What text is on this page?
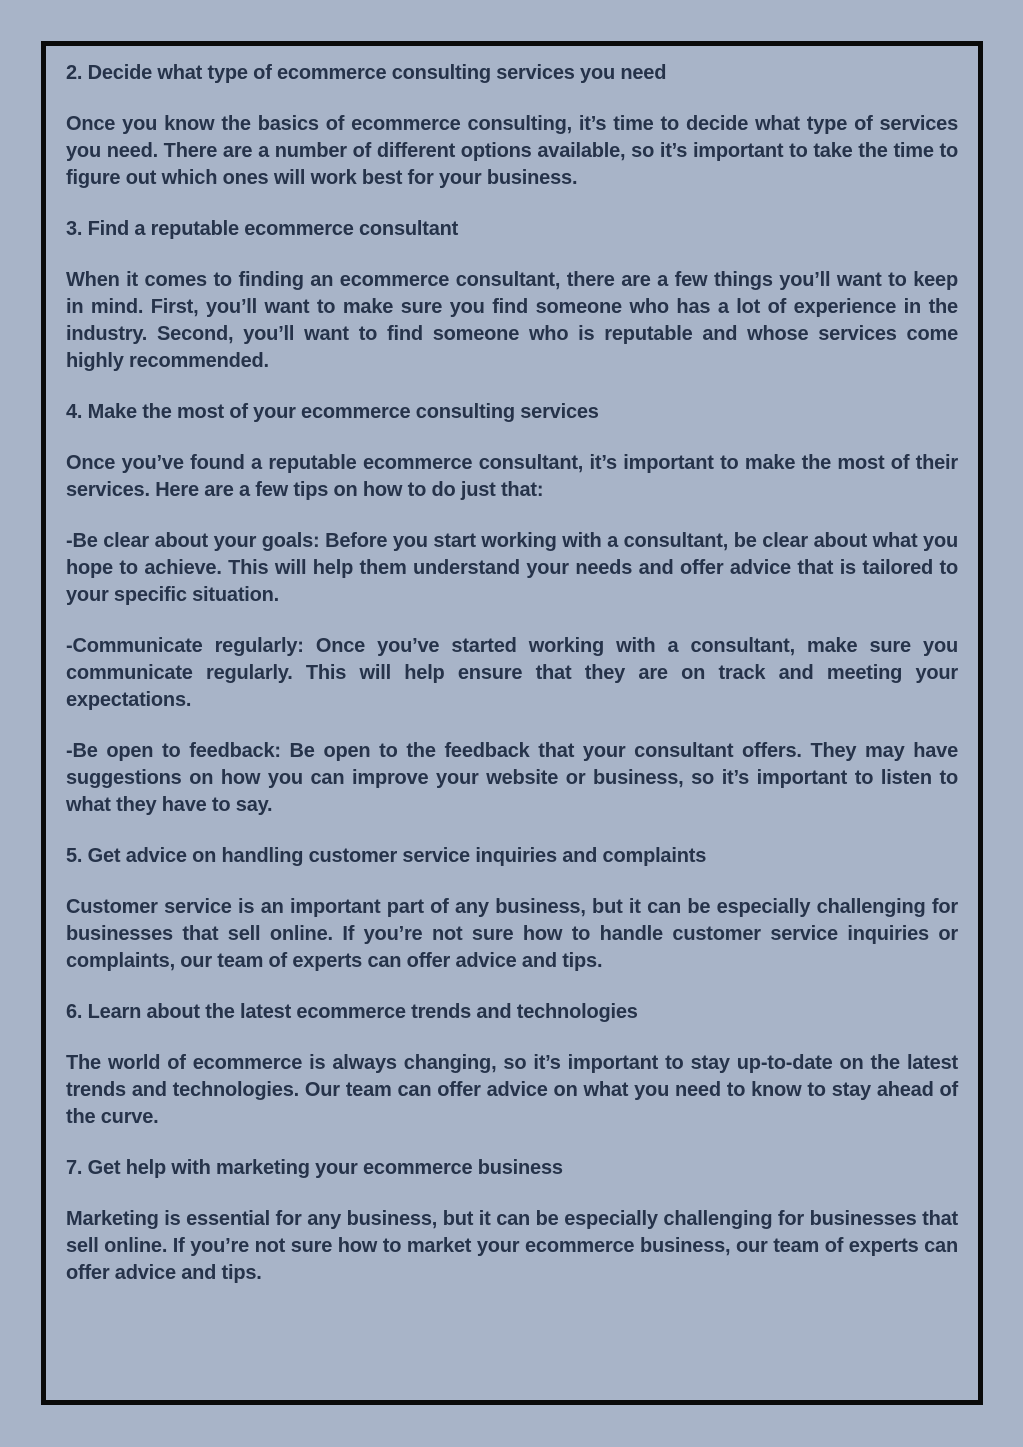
2. Decide what type of ecommerce consulting services you need
Once you know the basics of ecommerce consulting, it’s time to decide what type of services you need. There are a number of different options available, so it’s important to take the time to figure out which ones will work best for your business.
3. Find a reputable ecommerce consultant
When it comes to finding an ecommerce consultant, there are a few things you’ll want to keep in mind. First, you’ll want to make sure you find someone who has a lot of experience in the industry. Second, you’ll want to find someone who is reputable and whose services come highly recommended.
4. Make the most of your ecommerce consulting services
Once you’ve found a reputable ecommerce consultant, it’s important to make the most of their services. Here are a few tips on how to do just that:
-Be clear about your goals: Before you start working with a consultant, be clear about what you hope to achieve. This will help them understand your needs and offer advice that is tailored to your specific situation.
-Communicate regularly: Once you’ve started working with a consultant, make sure you communicate regularly. This will help ensure that they are on track and meeting your expectations.
-Be open to feedback: Be open to the feedback that your consultant offers. They may have suggestions on how you can improve your website or business, so it’s important to listen to what they have to say.
5. Get advice on handling customer service inquiries and complaints
Customer service is an important part of any business, but it can be especially challenging for businesses that sell online. If you’re not sure how to handle customer service inquiries or complaints, our team of experts can offer advice and tips.
6. Learn about the latest ecommerce trends and technologies
The world of ecommerce is always changing, so it’s important to stay up-to-date on the latest trends and technologies. Our team can offer advice on what you need to know to stay ahead of the curve.
7. Get help with marketing your ecommerce business
Marketing is essential for any business, but it can be especially challenging for businesses that sell online. If you’re not sure how to market your ecommerce business, our team of experts can offer advice and tips.
